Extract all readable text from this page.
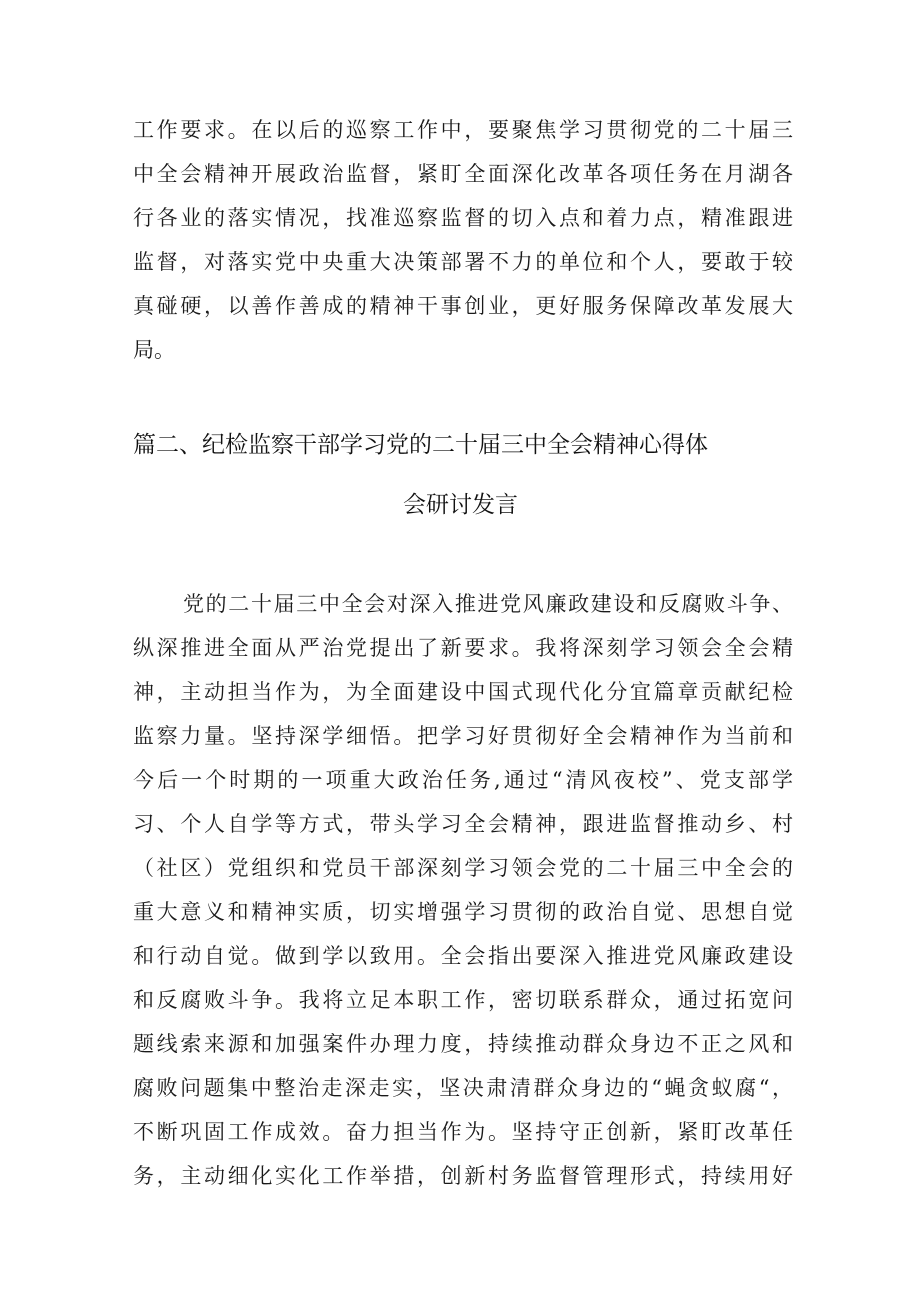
工作要求。在以后的巡察工作中，要聚焦学习贯彻党的二十届三
中全会精神开展政治监督，紧盯全面深化改革各项任务在月湖各
行各业的落实情况，找准巡察监督的切入点和着力点，精准跟进
监督，对落实党中央重大决策部署不力的单位和个人，要敢于较
真碰硬，以善作善成的精神干事创业，更好服务保障改革发展大
局。
篇二、纪检监察干部学习党的二十届三中全会精神心得体
会研讨发言
党的二十届三中全会对深入推进党风廉政建设和反腐败斗争、
纵深推进全面从严治党提出了新要求。我将深刻学习领会全会精
神，主动担当作为，为全面建设中国式现代化分宜篇章贡献纪检
监察力量。坚持深学细悟。把学习好贯彻好全会精神作为当前和
今后一个时期的一项重大政治任务,通过“清风夜校”、党支部学
习、个人自学等方式，带头学习全会精神，跟进监督推动乡、村
（社区）党组织和党员干部深刻学习领会党的二十届三中全会的
重大意义和精神实质，切实增强学习贯彻的政治自觉、思想自觉
和行动自觉。做到学以致用。全会指出要深入推进党风廉政建设
和反腐败斗争。我将立足本职工作，密切联系群众，通过拓宽问
题线索来源和加强案件办理力度，持续推动群众身边不正之风和
腐败问题集中整治走深走实，坚决肃清群众身边的“蝇贪蚁腐“，
不断巩固工作成效。奋力担当作为。坚持守正创新，紧盯改革任
务，主动细化实化工作举措，创新村务监督管理形式，持续用好
